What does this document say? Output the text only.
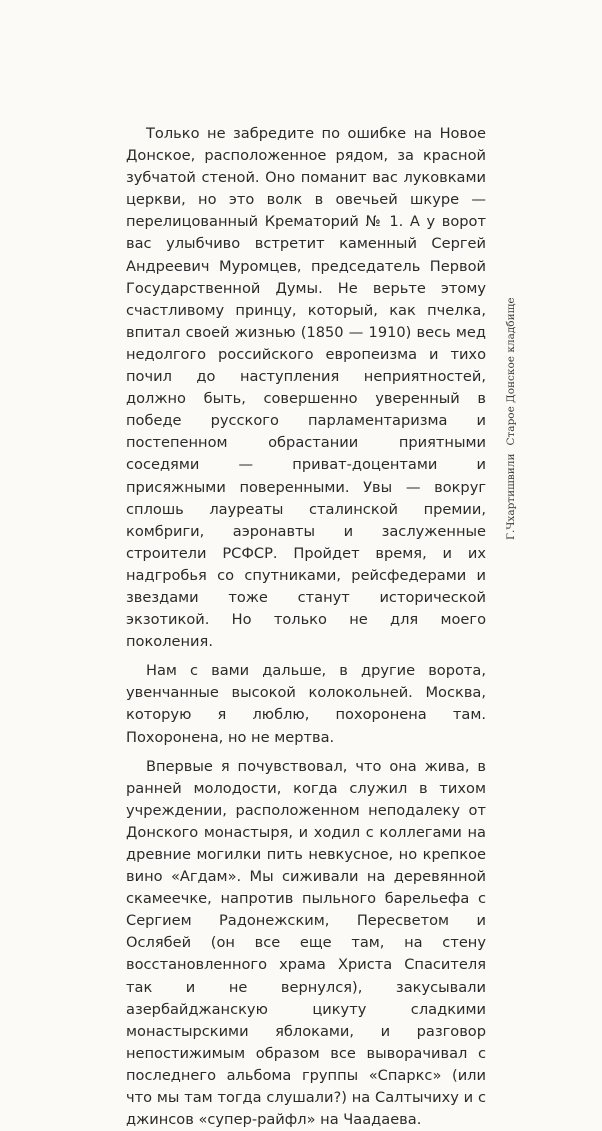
Только не забредите по ошибке на Новое Донское, расположенное рядом, за красной зубчатой стеной. Оно поманит вас луковками церкви, но это волк в овечьей шкуре — перелицованный Крематорий № 1. А у ворот вас улыбчиво встретит каменный Сергей Андреевич Муромцев, председатель Первой Государственной Думы. Не верьте этому счастливому принцу, который, как пчелка, впитал своей жизнью (1850 — 1910) весь мед недолгого российского европеизма и тихо почил до наступления неприятностей, должно быть, совершенно уверенный в победе русского парламентаризма и постепенном обрастании приятными соседями — приват-доцентами и присяжными поверенными. Увы — вокруг сплошь лауреаты сталинской премии, комбриги, аэронавты и заслуженные строители РСФСР. Пройдет время, и их надгробья со спутниками, рейсфедерами и звездами тоже станут исторической экзотикой. Но только не для моего поколения.

Нам с вами дальше, в другие ворота, увенчанные высокой колокольней. Москва, которую я люблю, похоронена там. Похоронена, но не мертва.

Впервые я почувствовал, что она жива, в ранней молодости, когда служил в тихом учреждении, расположенном неподалеку от Донского монастыря, и ходил с коллегами на древние могилки пить невкусное, но крепкое вино «Агдам». Мы сиживали на деревянной скамеечке, напротив пыльного барельефа с Сергием Радонежским, Пересветом и Ослябей (он все еще там, на стену восстановленного храма Христа Спасителя так и не вернулся), закусывали азербайджанскую цикуту сладкими монастырскими яблоками, и разговор непостижимым образом все выворачивал с последнего альбома группы «Спаркс» (или что мы там тогда слушали?) на Салтычиху и с джинсов «супер-райфл» на Чаадаева.

Г.ЧхартишвилиСтарое Донское кладбище
